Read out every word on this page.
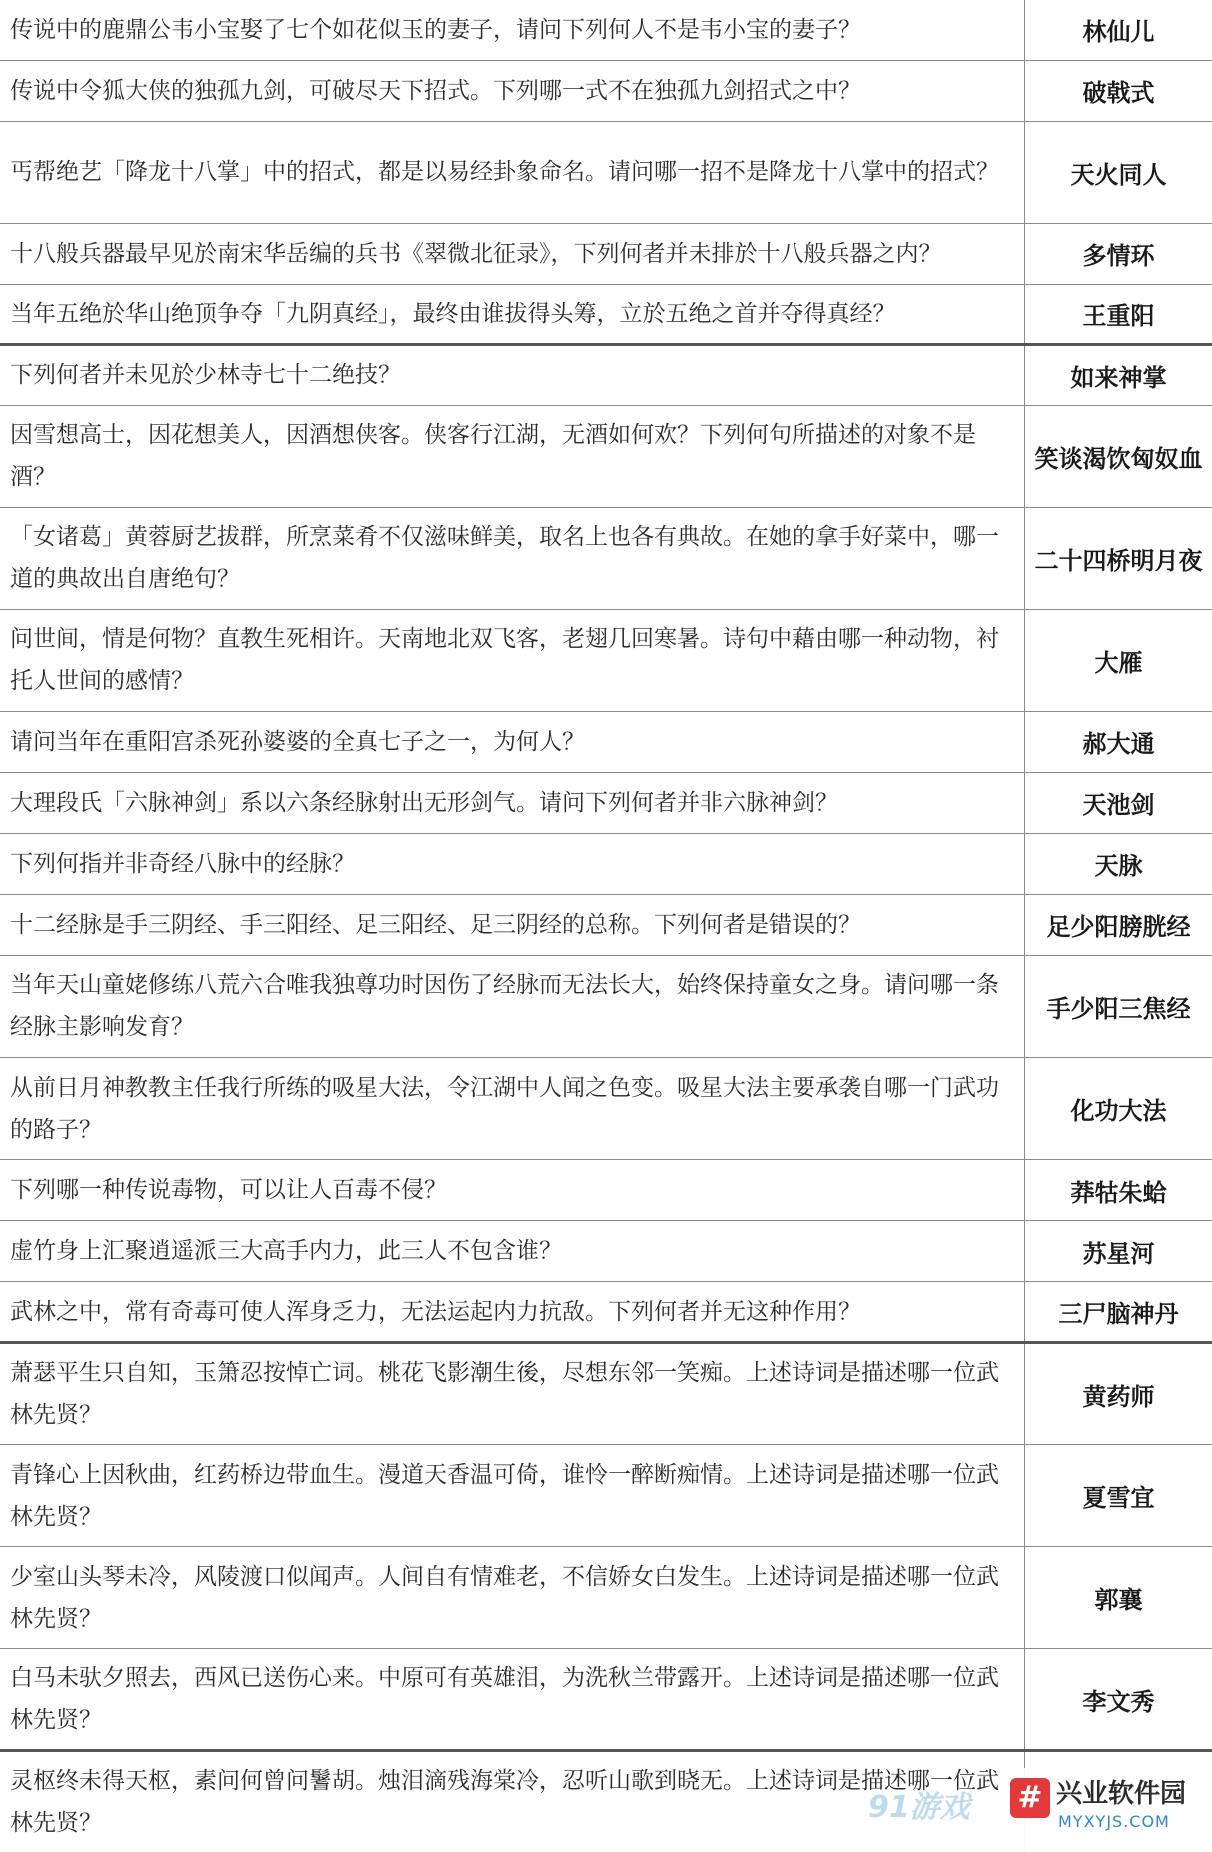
传说中的鹿鼎公韦小宝娶了七个如花似玉的妻子，请问下列何人不是韦小宝的妻子？	林仙儿
传说中令狐大侠的独孤九剑，可破尽天下招式。下列哪一式不在独孤九剑招式之中？	破戟式
丐帮绝艺「降龙十八掌」中的招式，都是以易经卦象命名。请问哪一招不是降龙十八掌中的招式？	天火同人
十八般兵器最早见於南宋华岳编的兵书《翠微北征录》，下列何者并未排於十八般兵器之内？	多情环
当年五绝於华山绝顶争夺「九阴真经」，最终由谁拔得头筹，立於五绝之首并夺得真经？	王重阳
下列何者并未见於少林寺七十二绝技？	如来神掌
因雪想高士，因花想美人，因酒想侠客。侠客行江湖，无酒如何欢？下列何句所描述的对象不是酒？	笑谈渴饮匈奴血
「女诸葛」黄蓉厨艺拔群，所烹菜肴不仅滋味鲜美，取名上也各有典故。在她的拿手好菜中，哪一道的典故出自唐绝句？	二十四桥明月夜
问世间，情是何物？直教生死相许。天南地北双飞客，老翅几回寒暑。诗句中藉由哪一种动物，衬托人世间的感情？	大雁
请问当年在重阳宫杀死孙婆婆的全真七子之一，为何人？	郝大通
大理段氏「六脉神剑」系以六条经脉射出无形剑气。请问下列何者并非六脉神剑？	天池剑
下列何指并非奇经八脉中的经脉？	天脉
十二经脉是手三阴经、手三阳经、足三阳经、足三阴经的总称。下列何者是错误的？	足少阳膀胱经
当年天山童姥修练八荒六合唯我独尊功时因伤了经脉而无法长大，始终保持童女之身。请问哪一条经脉主影响发育？	手少阳三焦经
从前日月神教教主任我行所练的吸星大法，令江湖中人闻之色变。吸星大法主要承袭自哪一门武功的路子？	化功大法
下列哪一种传说毒物，可以让人百毒不侵？	莽牯朱蛤
虚竹身上汇聚逍遥派三大高手内力，此三人不包含谁？	苏星河
武林之中，常有奇毒可使人浑身乏力，无法运起内力抗敌。下列何者并无这种作用？	三尸脑神丹
萧瑟平生只自知，玉箫忍按悼亡词。桃花飞影潮生後，尽想东邻一笑痴。上述诗词是描述哪一位武林先贤？	黄药师
青锋心上因秋曲，红药桥边带血生。漫道天香温可倚，谁怜一醉断痴情。上述诗词是描述哪一位武林先贤？	夏雪宜
少室山头琴未冷，风陵渡口似闻声。人间自有情难老，不信娇女白发生。上述诗词是描述哪一位武林先贤？	郭襄
白马未驮夕照去，西风已送伤心来。中原可有英雄泪，为洗秋兰带露开。上述诗词是描述哪一位武林先贤？	李文秀
灵枢终未得天枢，素问何曾问鬐胡。烛泪滴残海棠冷，忍听山歌到晓无。上述诗词是描述哪一位武林先贤？		91游戏 # 兴业软件园
MYXYJS.COM
